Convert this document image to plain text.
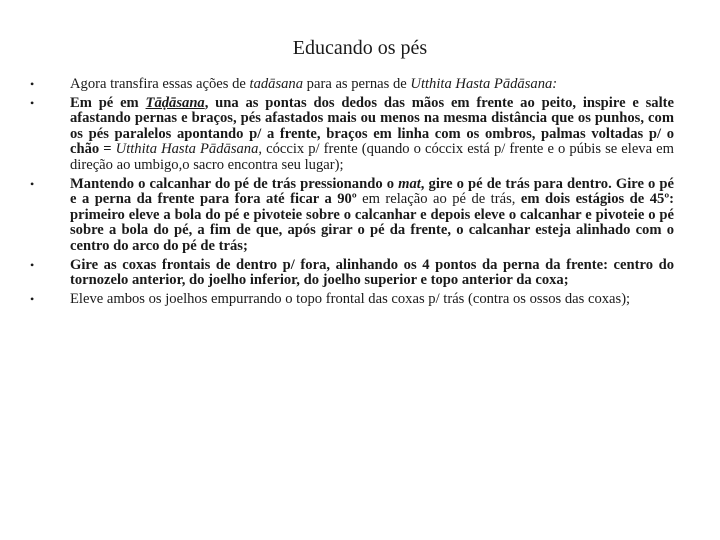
Educando os pés
•	Agora transfira essas ações de tadāsana para as pernas de Utthita Hasta Pādāsana:
•	Em pé em Tāḍāsana, una as pontas dos dedos das mãos em frente ao peito, inspire e salte afastando pernas e braços, pés afastados mais ou menos na mesma distância que os punhos, com os pés paralelos apontando p/ a frente, braços em linha com os ombros, palmas voltadas p/ o chão = Utthita Hasta Pādāsana, cóccix p/ frente (quando o cóccix está p/ frente e o púbis se eleva em direção ao umbigo,o sacro encontra seu lugar);
•	Mantendo o calcanhar do pé de trás pressionando o mat, gire o pé de trás para dentro. Gire o pé e a perna da frente para fora até ficar a 90º em relação ao pé de trás, em dois estágios de 45º: primeiro eleve a bola do pé e pivoteie sobre o calcanhar e depois eleve o calcanhar e pivoteie o pé sobre a bola do pé, a fim de que, após girar o pé da frente, o calcanhar esteja alinhado com o centro do arco do pé de trás;
•	Gire as coxas frontais de dentro p/ fora, alinhando os 4 pontos da perna da frente: centro do tornozelo anterior, do joelho inferior, do joelho superior e topo anterior da coxa;
•	Eleve ambos os joelhos empurrando o topo frontal das coxas p/ trás (contra os ossos das coxas);
